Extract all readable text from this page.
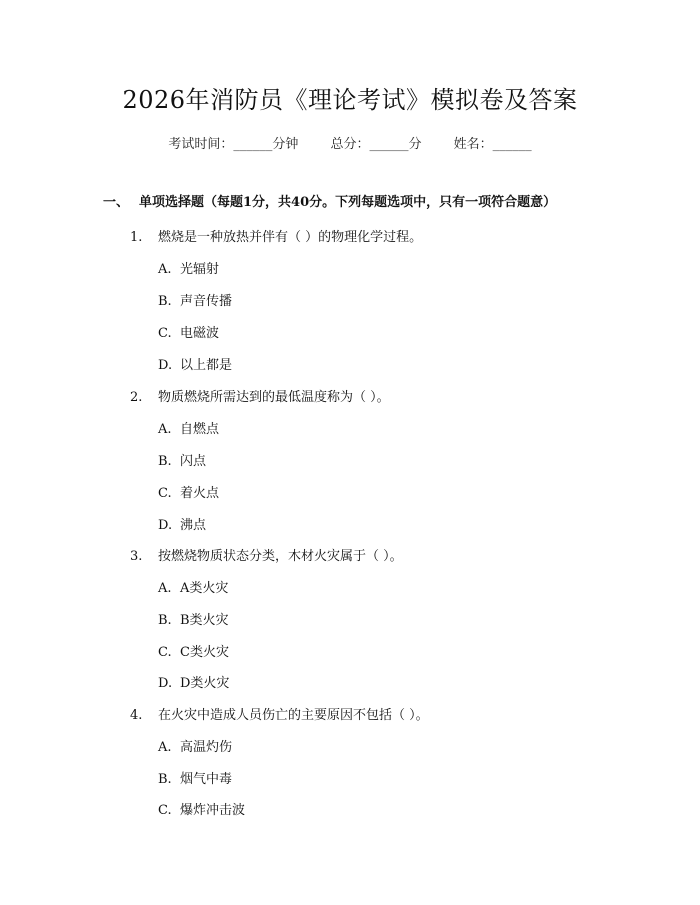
2026年消防员《理论考试》模拟卷及答案
考试时间：______分钟 总分：______分 姓名：______
一、 单项选择题（每题1分，共40分。下列每题选项中，只有一项符合题意）
1. 燃烧是一种放热并伴有（ ）的物理化学过程。
A. 光辐射
B. 声音传播
C. 电磁波
D. 以上都是
2. 物质燃烧所需达到的最低温度称为（ ）。
A. 自燃点
B. 闪点
C. 着火点
D. 沸点
3. 按燃烧物质状态分类，木材火灾属于（ ）。
A. A类火灾
B. B类火灾
C. C类火灾
D. D类火灾
4. 在火灾中造成人员伤亡的主要原因不包括（ ）。
A. 高温灼伤
B. 烟气中毒
C. 爆炸冲击波
